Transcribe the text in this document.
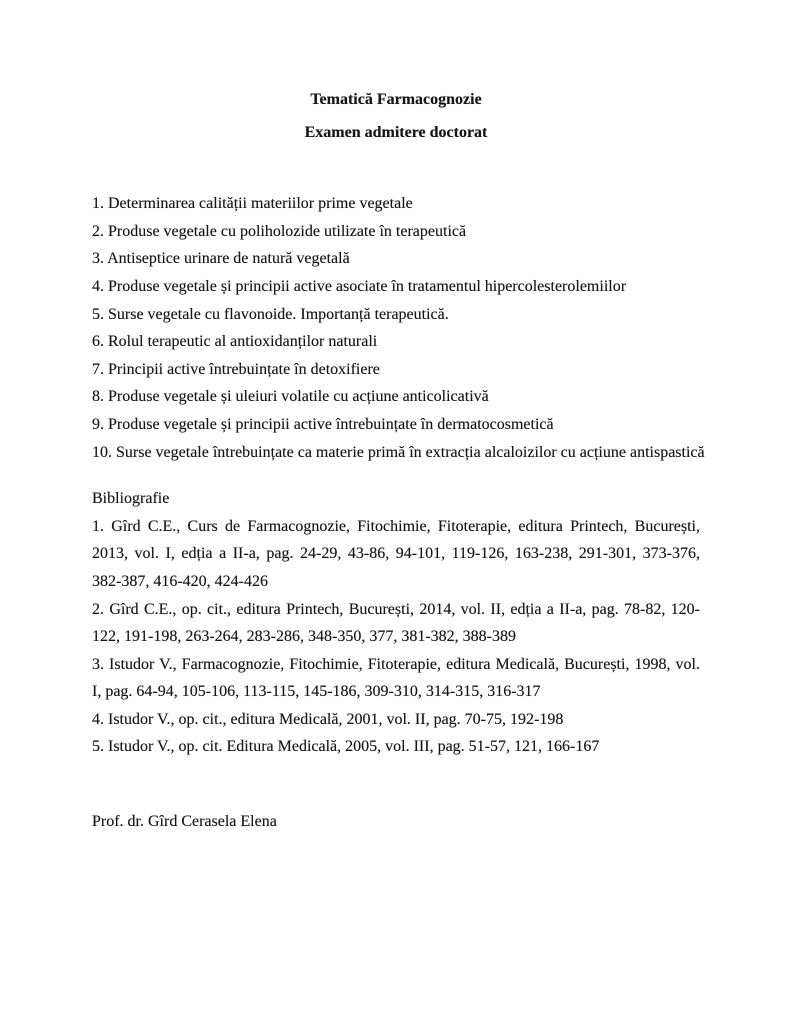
Tematică Farmacognozie

Examen admitere doctorat

1. Determinarea calității materiilor prime vegetale
2. Produse vegetale cu poliholozide utilizate în terapeutică
3. Antiseptice urinare de natură vegetală
4. Produse vegetale și principii active asociate în tratamentul hipercolesterolemiilor
5. Surse vegetale cu flavonoide. Importanță terapeutică.
6. Rolul terapeutic al antioxidanților naturali
7. Principii active întrebuințate în detoxifiere
8. Produse vegetale și uleiuri volatile cu acțiune anticolicativă
9. Produse vegetale și principii active întrebuințate în dermatocosmetică
10. Surse vegetale întrebuințate ca materie primă în extracția alcaloizilor cu acțiune antispastică

Bibliografie

1. Gîrd C.E., Curs de Farmacognozie, Fitochimie, Fitoterapie, editura Printech, București, 2013, vol. I, edția a II-a, pag. 24-29, 43-86, 94-101, 119-126, 163-238, 291-301, 373-376, 382-387, 416-420, 424-426

2. Gîrd C.E., op. cit., editura Printech, București, 2014, vol. II, edția a II-a, pag. 78-82, 120-122, 191-198, 263-264, 283-286, 348-350, 377, 381-382, 388-389

3. Istudor V., Farmacognozie, Fitochimie, Fitoterapie, editura Medicală, București, 1998, vol. I, pag. 64-94, 105-106, 113-115, 145-186, 309-310, 314-315, 316-317

4. Istudor V., op. cit., editura Medicală, 2001, vol. II, pag. 70-75, 192-198

5. Istudor V., op. cit. Editura Medicală, 2005, vol. III, pag. 51-57, 121, 166-167

Prof. dr. Gîrd Cerasela Elena
